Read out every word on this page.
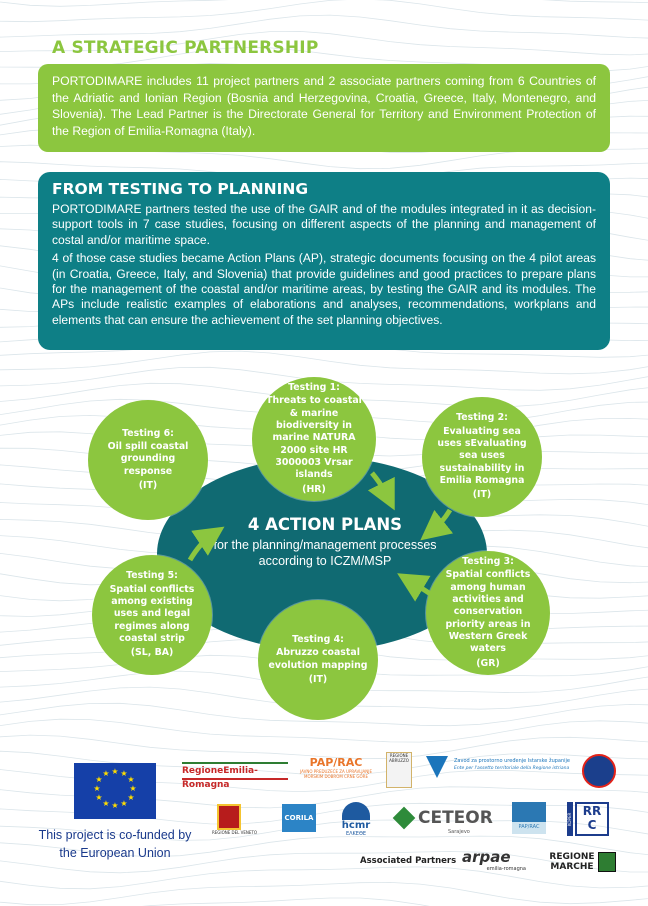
A STRATEGIC PARTNERSHIP

PORTODIMARE includes 11 project partners and 2 associate partners coming from 6 Countries of the Adriatic and Ionian Region (Bosnia and Herzegovina, Croatia, Greece, Italy, Montenegro, and Slovenia). The Lead Partner is the Directorate General for Territory and Environment Protection of the Region of Emilia-Romagna (Italy).

FROM TESTING TO PLANNING

PORTODIMARE partners tested the use of the GAIR and of the modules integrated in it as decision-support tools in 7 case studies, focusing on different aspects of the planning and management of costal and/or maritime space.

4 of those case studies became Action Plans (AP), strategic documents focusing on the 4 pilot areas (in Croatia, Greece, Italy, and Slovenia) that provide guidelines and good practices to prepare plans for the management of the coastal and/or maritime areas, by testing the GAIR and its modules. The APs include realistic examples of elaborations and analyses, recommendations, workplans and elements that can ensure the achievement of the set planning objectives.

4 ACTION PLANS
for the planning/management processes according to ICZM/MSP
Testing 1:
Threats to coastal & marine biodiversity in marine NATURA 2000 site HR 3000003 Vrsar islands
(HR)
Testing 2:
Evaluating sea uses sEvaluating sea uses sustainability in Emilia Romagna
(IT)
Testing 3:
Spatial conflicts among human activities and conservation priority areas in Western Greek waters
(GR)
Testing 4:
Abruzzo coastal evolution mapping
(IT)
Testing 5:
Spatial conflicts among existing uses and legal regimes along coastal strip
(SL, BA)
Testing 6:
Oil spill coastal grounding response
(IT)
★ ★
★
★
★
★
★
★
★
★
★
★
This project is co-funded by the European Union
RegioneEmilia-Romagna
PAP/RAC
JAVNO PREDUZEĆE ZA UPRAVLJANJE MORSKIM DOBROM CRNE GORE
REGIONE ABRUZZO	Zavod za prostorno uređenje Istarske županije
Ente per l'assetto territoriale della Regione istriana
REGIONE DEL VENETO
CORILA
hcmr
ΕΛΚΕΘΕ
CETEOR
Sarajevo
PAP/RAC
KOPER
RR
C
Associated Partners arpae
emilia-romagna
REGIONE MARCHE
